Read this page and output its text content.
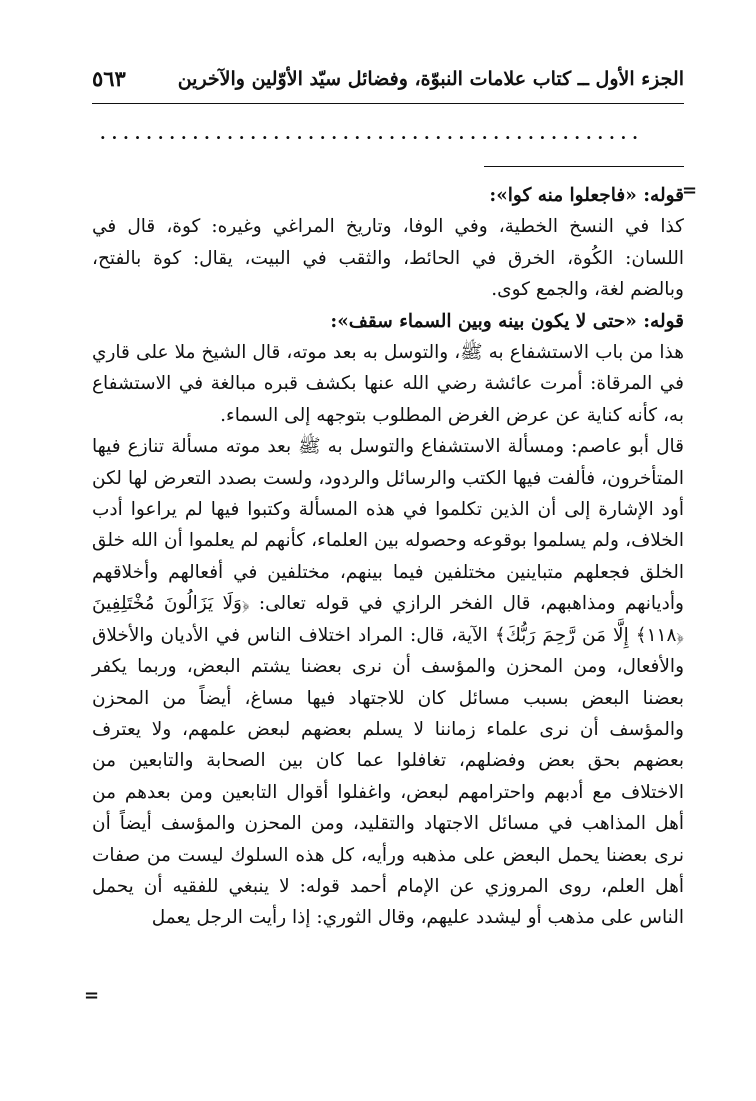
الجزء الأول ــ كتاب علامات النبوّة، وفضائل سيّد الأوّلين والآخرين
٥٦٣
...............................................
=

قوله: «فاجعلوا منه كوا»:

كذا في النسخ الخطية، وفي الوفا، وتاريخ المراغي وغيره: كوة، قال في اللسان: الكُوة، الخرق في الحائط، والثقب في البيت، يقال: كوة بالفتح، وبالضم لغة، والجمع كوى.

قوله: «حتى لا يكون بينه وبين السماء سقف»:

هذا من باب الاستشفاع به ﷺ، والتوسل به بعد موته، قال الشيخ ملا على قاري في المرقاة: أمرت عائشة رضي الله عنها بكشف قبره مبالغة في الاستشفاع به، كأنه كناية عن عرض الغرض المطلوب بتوجهه إلى السماء.

قال أبو عاصم: ومسألة الاستشفاع والتوسل به ﷺ بعد موته مسألة تنازع فيها المتأخرون، فألفت فيها الكتب والرسائل والردود، ولست بصدد التعرض لها لكن أود الإشارة إلى أن الذين تكلموا في هذه المسألة وكتبوا فيها لم يراعوا أدب الخلاف، ولم يسلموا بوقوعه وحصوله بين العلماء، كأنهم لم يعلموا أن الله خلق الخلق فجعلهم متباينين مختلفين فيما بينهم، مختلفين في أفعالهم وأخلاقهم وأديانهم ومذاهبهم، قال الفخر الرازي في قوله تعالى: ﴿وَلَا يَزَالُونَ مُخْتَلِفِينَ ﴿١١٨﴾ إِلَّا مَن رَّحِمَ رَبُّكَ﴾ الآية، قال: المراد اختلاف الناس في الأديان والأخلاق والأفعال، ومن المحزن والمؤسف أن نرى بعضنا يشتم البعض، وربما يكفر بعضنا البعض بسبب مسائل كان للاجتهاد فيها مساغ، أيضاً من المحزن والمؤسف أن نرى علماء زماننا لا يسلم بعضهم لبعض علمهم، ولا يعترف بعضهم بحق بعض وفضلهم، تغافلوا عما كان بين الصحابة والتابعين من الاختلاف مع أدبهم واحترامهم لبعض، واغفلوا أقوال التابعين ومن بعدهم من أهل المذاهب في مسائل الاجتهاد والتقليد، ومن المحزن والمؤسف أيضاً أن نرى بعضنا يحمل البعض على مذهبه ورأيه، كل هذه السلوك ليست من صفات أهل العلم، روى المروزي عن الإمام أحمد قوله: لا ينبغي للفقيه أن يحمل الناس على مذهب أو ليشدد عليهم، وقال الثوري: إذا رأيت الرجل يعمل

=
